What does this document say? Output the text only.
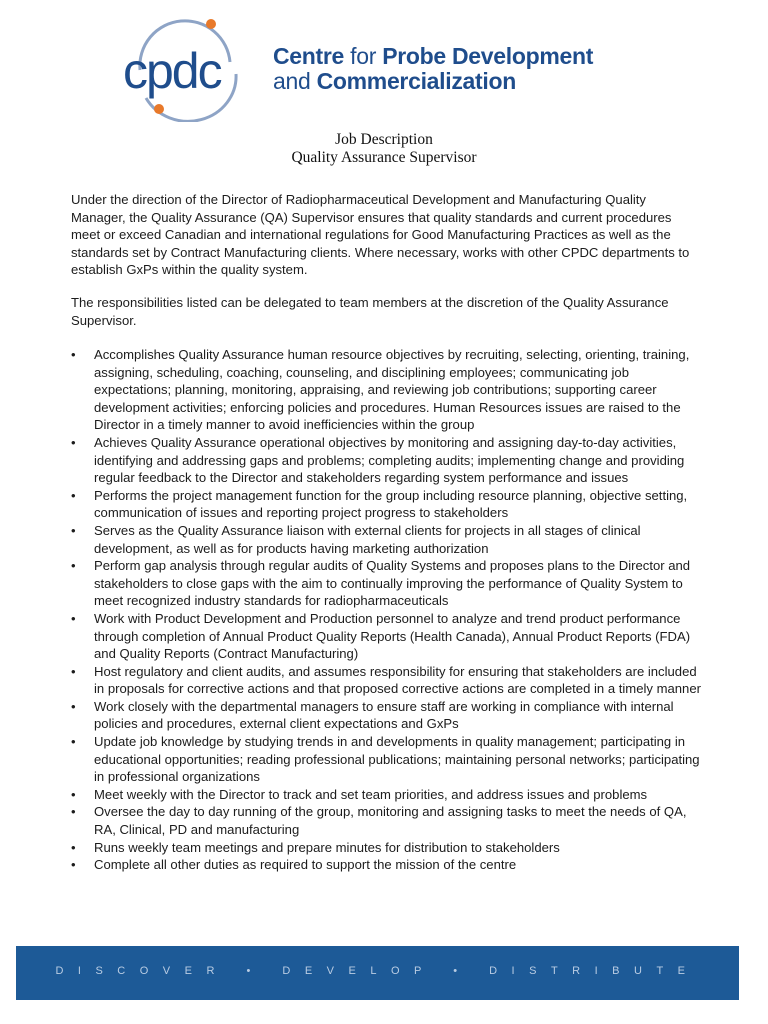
cpdc Centre for Probe Development
and Commercialization
Job Description
Quality Assurance Supervisor

Under the direction of the Director of Radiopharmaceutical Development and Manufacturing Quality Manager, the Quality Assurance (QA) Supervisor ensures that quality standards and current procedures meet or exceed Canadian and international regulations for Good Manufacturing Practices as well as the standards set by Contract Manufacturing clients. Where necessary, works with other CPDC departments to establish GxPs within the quality system.

The responsibilities listed can be delegated to team members at the discretion of the Quality Assurance Supervisor.

• Accomplishes Quality Assurance human resource objectives by recruiting, selecting, orienting, training, assigning, scheduling, coaching, counseling, and disciplining employees; communicating job expectations; planning, monitoring, appraising, and reviewing job contributions; supporting career development activities; enforcing policies and procedures. Human Resources issues are raised to the Director in a timely manner to avoid inefficiencies within the group
• Achieves Quality Assurance operational objectives by monitoring and assigning day-to-day activities, identifying and addressing gaps and problems; completing audits; implementing change and providing regular feedback to the Director and stakeholders regarding system performance and issues
• Performs the project management function for the group including resource planning, objective setting, communication of issues and reporting project progress to stakeholders
• Serves as the Quality Assurance liaison with external clients for projects in all stages of clinical development, as well as for products having marketing authorization
• Perform gap analysis through regular audits of Quality Systems and proposes plans to the Director and stakeholders to close gaps with the aim to continually improving the performance of Quality System to meet recognized industry standards for radiopharmaceuticals
• Work with Product Development and Production personnel to analyze and trend product performance through completion of Annual Product Quality Reports (Health Canada), Annual Product Reports (FDA) and Quality Reports (Contract Manufacturing)
• Host regulatory and client audits, and assumes responsibility for ensuring that stakeholders are included in proposals for corrective actions and that proposed corrective actions are completed in a timely manner
• Work closely with the departmental managers to ensure staff are working in compliance with internal policies and procedures, external client expectations and GxPs
• Update job knowledge by studying trends in and developments in quality management; participating in educational opportunities; reading professional publications; maintaining personal networks; participating in professional organizations
• Meet weekly with the Director to track and set team priorities, and address issues and problems
• Oversee the day to day running of the group, monitoring and assigning tasks to meet the needs of QA, RA, Clinical, PD and manufacturing
• Runs weekly team meetings and prepare minutes for distribution to stakeholders
• Complete all other duties as required to support the mission of the centre
DISCOVER • DEVELOP • DISTRIBUTE
